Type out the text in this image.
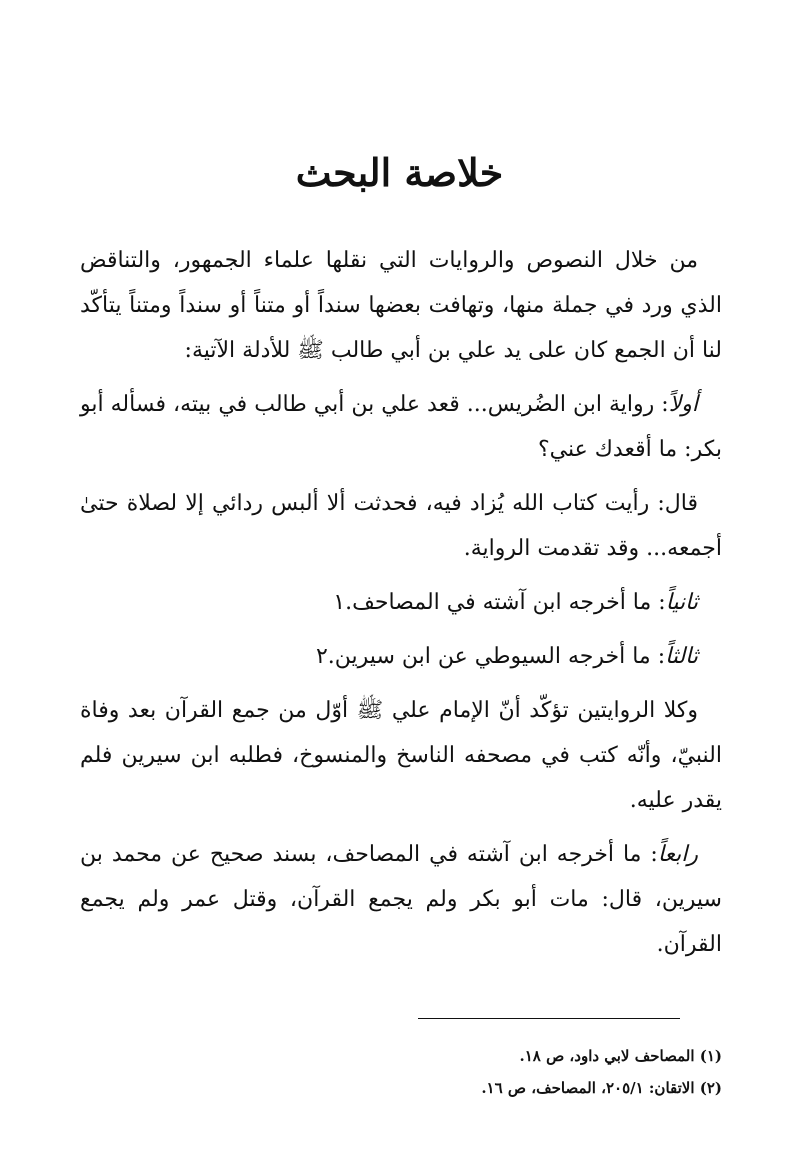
خلاصة البحث

من خلال النصوص والروايات التي نقلها علماء الجمهور، والتناقض الذي ورد في جملة منها، وتهافت بعضها سنداً أو متناً أو سنداً ومتناً يتأكّد لنا أن الجمع كان على يد علي بن أبي طالب ﷺ للأدلة الآتية:

أولاً: رواية ابن الضُريس... قعد علي بن أبي طالب في بيته، فسأله أبو بكر: ما أقعدك عني؟

قال: رأيت كتاب الله يُزاد فيه، فحدثت ألا ألبس ردائي إلا لصلاة حتىٰ أجمعه... وقد تقدمت الرواية.

ثانياً: ما أخرجه ابن آشته في المصاحف.١

ثالثاً: ما أخرجه السيوطي عن ابن سيرين.٢

وكلا الروايتين تؤكّد أنّ الإمام علي ﷺ أوّل من جمع القرآن بعد وفاة النبيّ، وأنّه كتب في مصحفه الناسخ والمنسوخ، فطلبه ابن سيرين فلم يقدر عليه.

رابعاً: ما أخرجه ابن آشته في المصاحف، بسند صحيح عن محمد بن سيرين، قال: مات أبو بكر ولم يجمع القرآن، وقتل عمر ولم يجمع القرآن.

(١) المصاحف لابي داود، ص ١٨.
(٢) الاتقان: ٢٠٥/١، المصاحف، ص ١٦.
